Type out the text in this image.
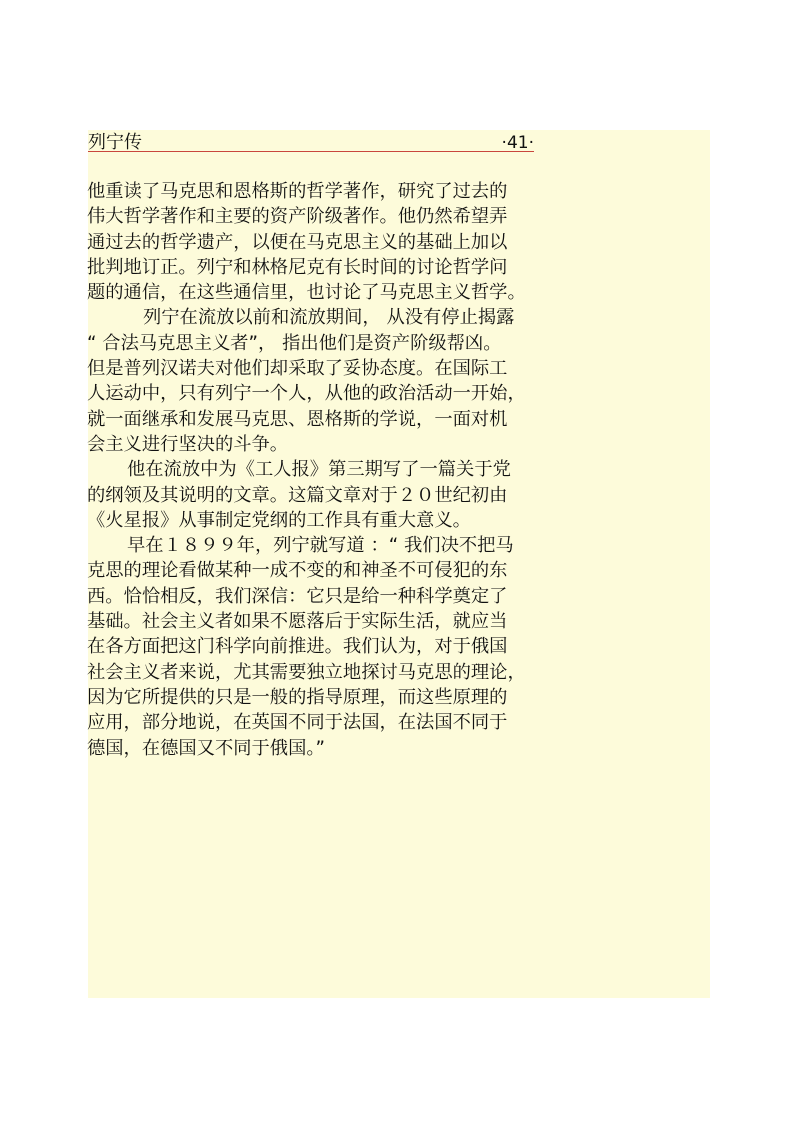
列宁传	·41·
他重读了马克思和恩格斯的哲学著作，研究了过去的
伟大哲学著作和主要的资产阶级著作。他仍然希望弄
通过去的哲学遗产，以便在马克思主义的基础上加以
批判地订正。列宁和林格尼克有长时间的讨论哲学问
题的通信，在这些通信里，也讨论了马克思主义哲学。
列宁在流放以前和流放期间， 从没有停止揭露
“ 合法马克思主义者”， 指出他们是资产阶级帮凶。
但是普列汉诺夫对他们却采取了妥协态度。在国际工
人运动中，只有列宁一个人，从他的政治活动一开始，
就一面继承和发展马克思、恩格斯的学说，一面对机
会主义进行坚决的斗争。
他在流放中为《工人报》第三期写了一篇关于党
的纲领及其说明的文章。这篇文章对于２０世纪初由
《火星报》从事制定党纲的工作具有重大意义。
早在１８９９年，列宁就写道 ：“ 我们决不把马
克思的理论看做某种一成不变的和神圣不可侵犯的东
西。恰恰相反，我们深信：它只是给一种科学奠定了
基础。社会主义者如果不愿落后于实际生活，就应当
在各方面把这门科学向前推进。我们认为，对于俄国
社会主义者来说，尤其需要独立地探讨马克思的理论，
因为它所提供的只是一般的指导原理，而这些原理的
应用，部分地说，在英国不同于法国，在法国不同于
德国，在德国又不同于俄国。”
